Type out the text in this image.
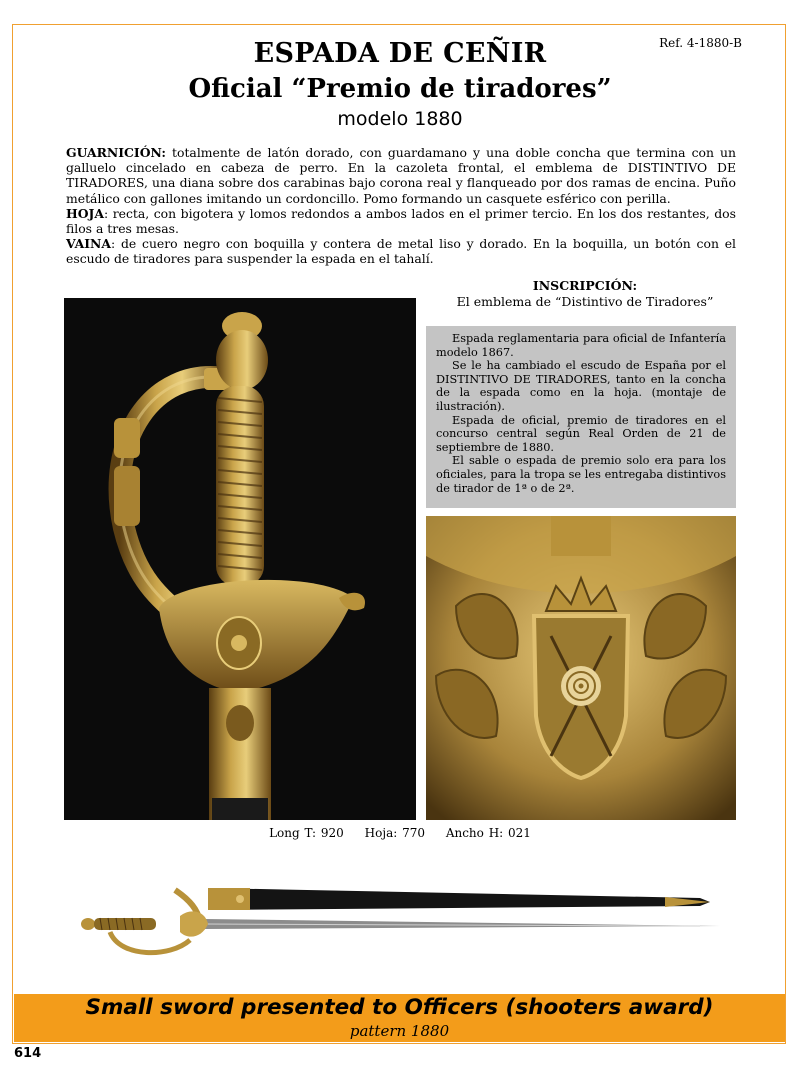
Ref. 4-1880-B
ESPADA DE CEÑIR
Oficial “Premio de tiradores”
modelo 1880

GUARNICIÓN: totalmente de latón dorado, con guardamano y una doble concha que termina con un galluelo cincelado en cabeza de perro. En la cazoleta frontal, el emblema de DISTINTIVO DE TIRADORES, una diana sobre dos carabinas bajo corona real y flanqueado por dos ramas de encina. Puño metálico con gallones imitando un cordoncillo. Pomo formando un casquete esférico con perilla.

HOJA: recta, con bigotera y lomos redondos a ambos lados en el primer tercio. En los dos restantes, dos filos a tres mesas.

VAINA: de cuero negro con boquilla y contera de metal liso y dorado. En la boquilla, un botón con el escudo de tiradores para suspender la espada en el tahalí.

INSCRIPCIÓN:
El emblema de “Distintivo de Tiradores”

Espada reglamentaria para oficial de Infantería modelo 1867.

Se le ha cambiado el escudo de España por el DISTINTIVO DE TIRADORES, tanto en la concha de la espada como en la hoja. (montaje de ilustración).

Espada de oficial, premio de tiradores en el concurso central según Real Orden de 21 de septiembre de 1880.

El sable o espada de premio solo era para los oficiales, para la tropa se les entregaba distintivos de tirador de 1ª o de 2ª.

Long T: 920 Hoja: 770 Ancho H: 021
Small sword presented to Officers (shooters award)
pattern 1880
614
